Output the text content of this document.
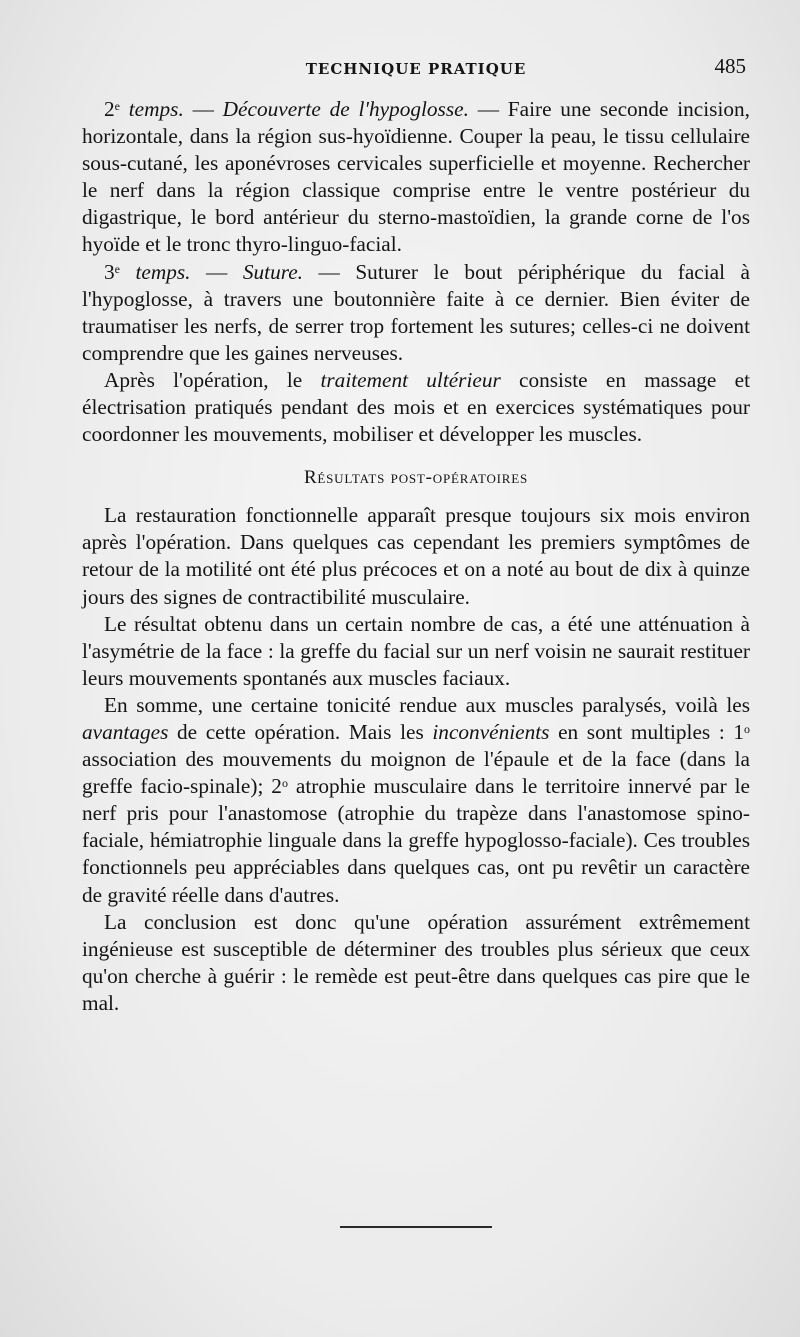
TECHNIQUE PRATIQUE	485

2e temps. — Découverte de l'hypoglosse. — Faire une seconde incision, horizontale, dans la région sus-hyoïdienne. Couper la peau, le tissu cellulaire sous-cutané, les aponévroses cervicales superficielle et moyenne. Rechercher le nerf dans la région classique comprise entre le ventre postérieur du digastrique, le bord antérieur du sterno-mastoïdien, la grande corne de l'os hyoïde et le tronc thyro-linguo-facial.

3e temps. — Suture. — Suturer le bout périphérique du facial à l'hypoglosse, à travers une boutonnière faite à ce dernier. Bien éviter de traumatiser les nerfs, de serrer trop fortement les sutures; celles-ci ne doivent comprendre que les gaines nerveuses.

Après l'opération, le traitement ultérieur consiste en massage et électrisation pratiqués pendant des mois et en exercices systématiques pour coordonner les mouvements, mobiliser et développer les muscles.

Résultats post-opératoires

La restauration fonctionnelle apparaît presque toujours six mois environ après l'opération. Dans quelques cas cependant les premiers symptômes de retour de la motilité ont été plus précoces et on a noté au bout de dix à quinze jours des signes de contractibilité musculaire.

Le résultat obtenu dans un certain nombre de cas, a été une atténuation à l'asymétrie de la face : la greffe du facial sur un nerf voisin ne saurait restituer leurs mouvements spontanés aux muscles faciaux.

En somme, une certaine tonicité rendue aux muscles paralysés, voilà les avantages de cette opération. Mais les inconvénients en sont multiples : 1$^o$ association des mouvements du moignon de l'épaule et de la face (dans la greffe facio-spinale); 2$^o$ atrophie musculaire dans le territoire innervé par le nerf pris pour l'anastomose (atrophie du trapèze dans l'anastomose spino-faciale, hémiatrophie linguale dans la greffe hypoglosso-faciale). Ces troubles fonctionnels peu appréciables dans quelques cas, ont pu revêtir un caractère de gravité réelle dans d'autres.

La conclusion est donc qu'une opération assurément extrêmement ingénieuse est susceptible de déterminer des troubles plus sérieux que ceux qu'on cherche à guérir : le remède est peut-être dans quelques cas pire que le mal.
